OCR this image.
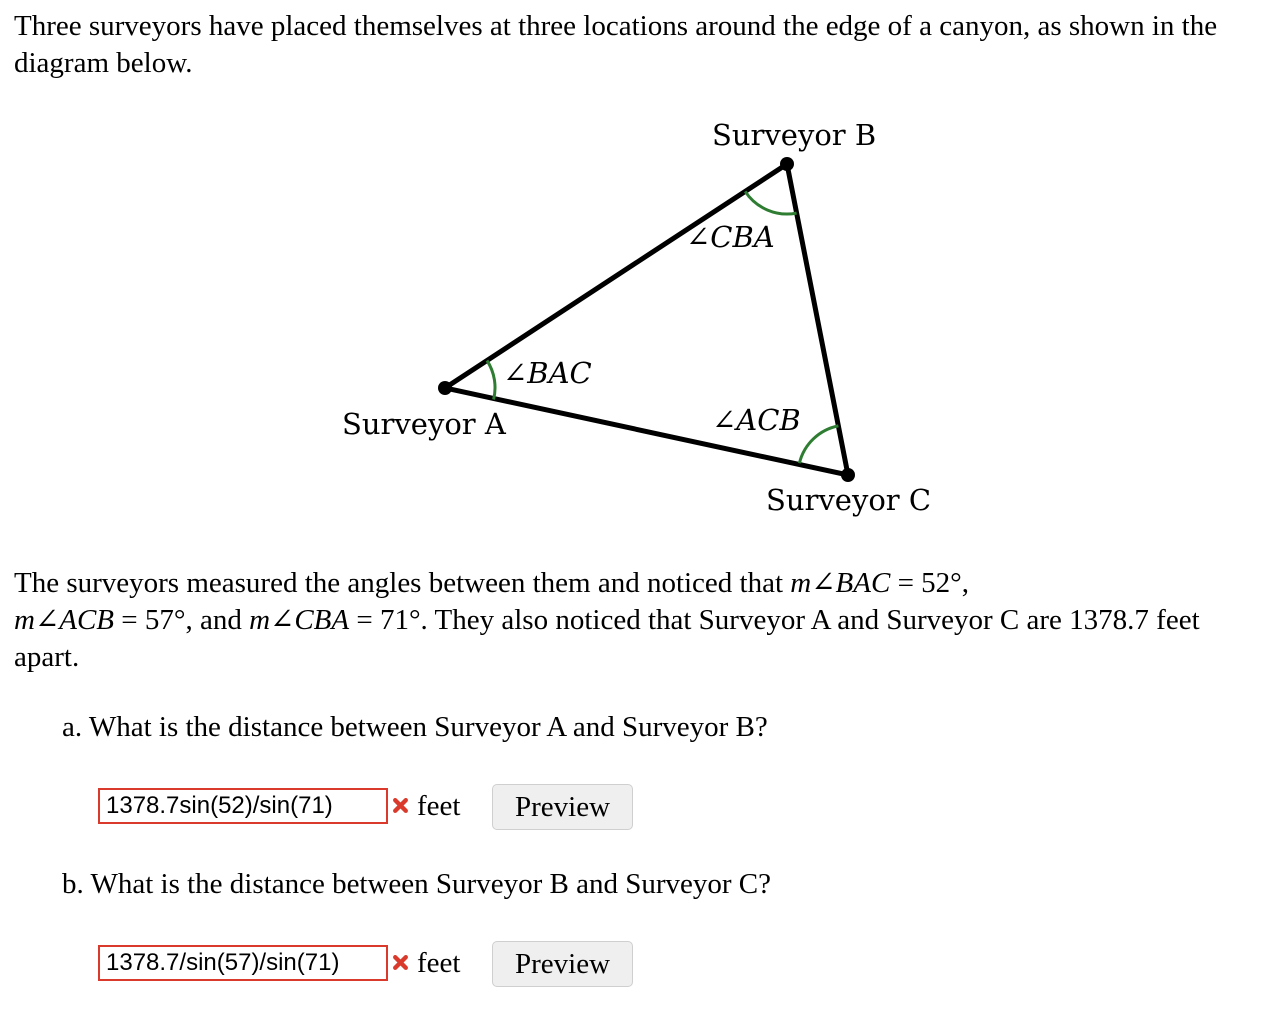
Three surveyors have placed themselves at three locations around the edge of a canyon, as shown in the diagram below.

Surveyor B
Surveyor A
Surveyor C
∠CBA
∠BAC
∠ACB

The surveyors measured the angles between them and noticed that m∠BAC = 52°,
m∠ACB = 57°, and m∠CBA = 71°. They also noticed that Surveyor A and Surveyor C are 1378.7 feet apart.

a. What is the distance between Surveyor A and Surveyor B?

1378.7sin(52)/sin(71)
feet	Preview

b. What is the distance between Surveyor B and Surveyor C?

1378.7/sin(57)/sin(71)
feet	Preview
